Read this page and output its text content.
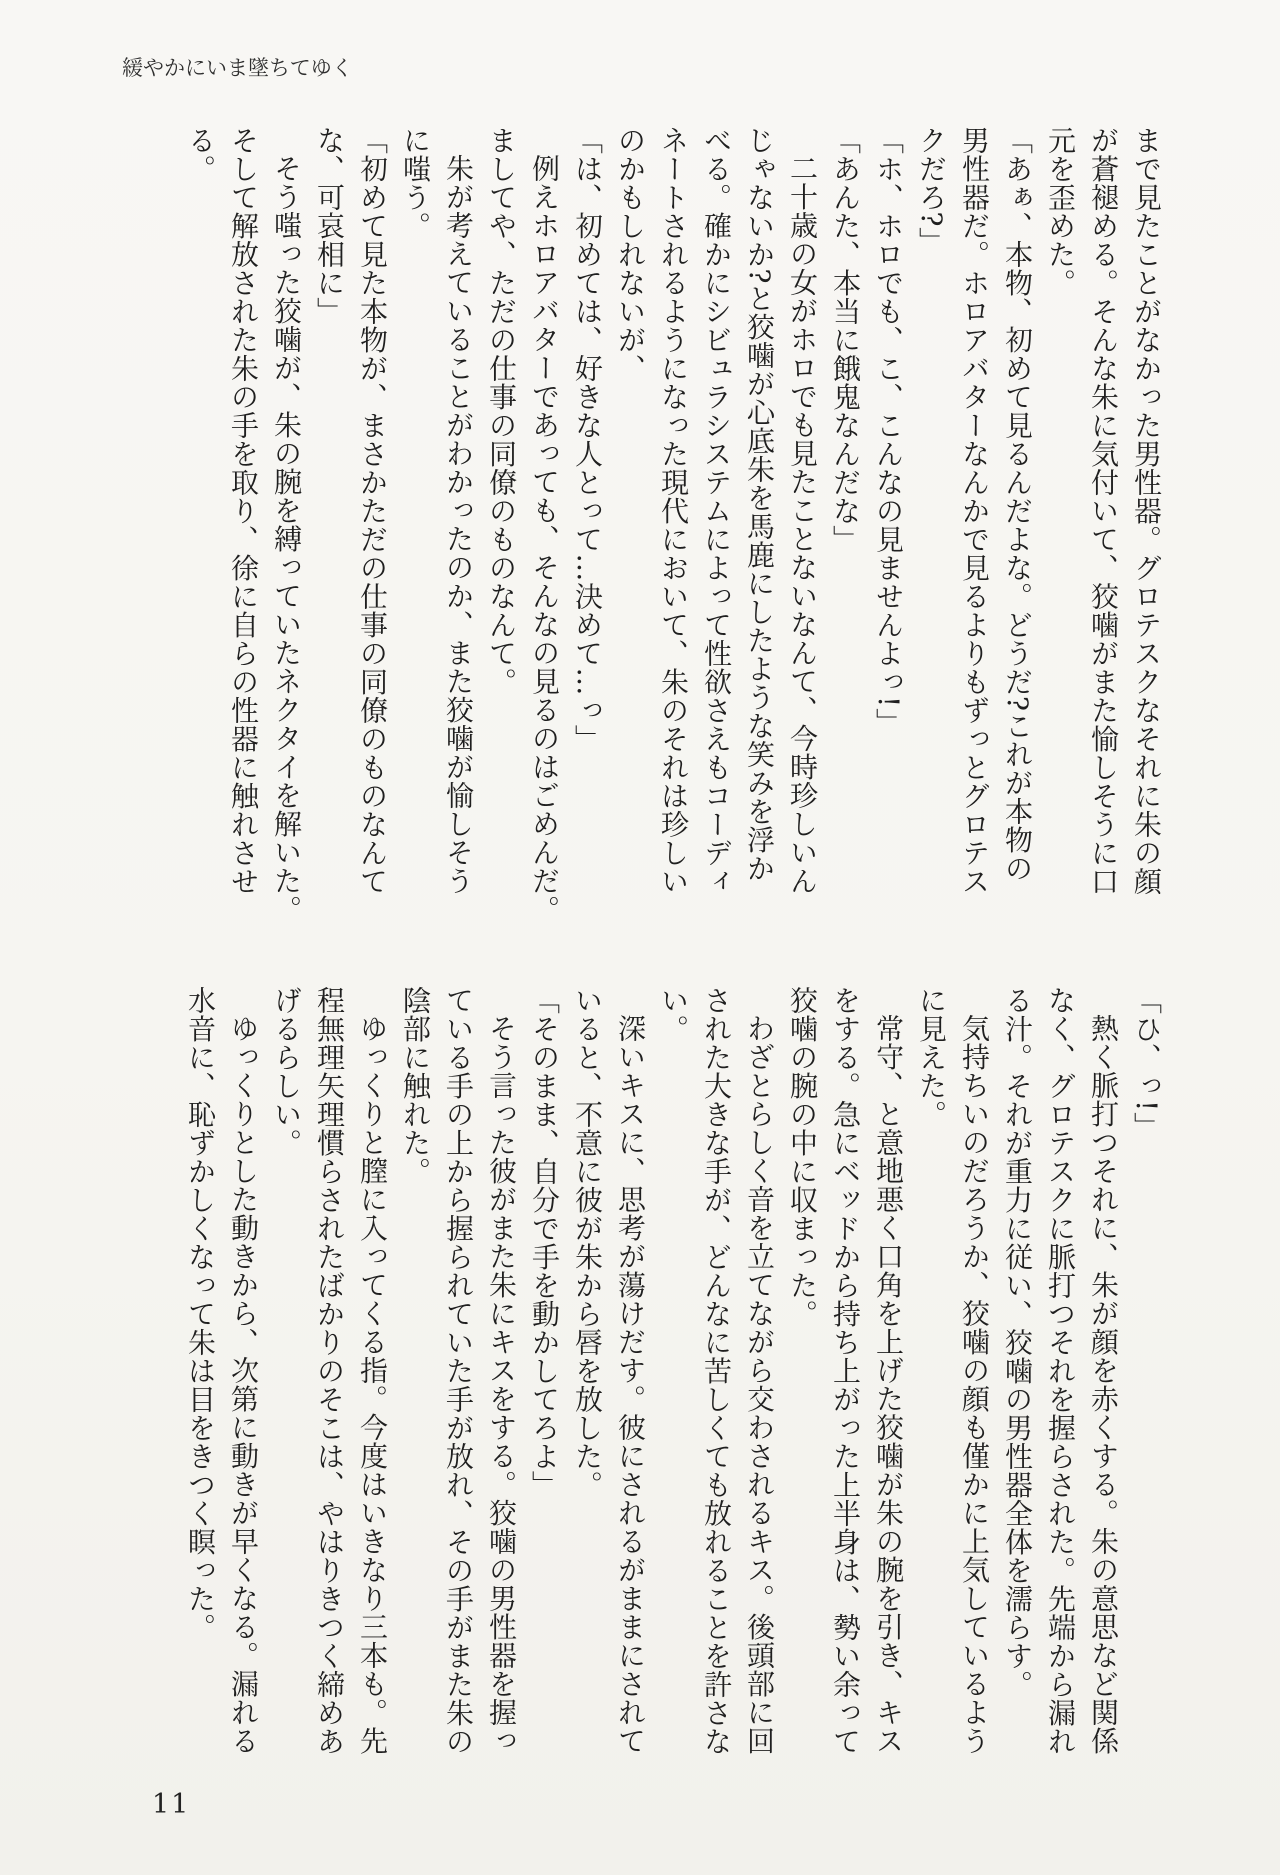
緩やかにいま墜ちてゆく

まで見たことがなかった男性器。グロテスクなそれに朱の顔

が蒼褪める。そんな朱に気付いて、狡噛がまた愉しそうに口

元を歪めた。

「あぁ、本物、初めて見るんだよな。どうだ?これが本物の

男性器だ。ホロアバターなんかで見るよりもずっとグロテス

クだろ?」

「ホ、ホロでも、こ、こんなの見ませんよっ!」

「あんた、本当に餓鬼なんだな」

二十歳の女がホロでも見たことないなんて、今時珍しいん

じゃないか?と狡噛が心底朱を馬鹿にしたような笑みを浮か

べる。確かにシビュラシステムによって性欲さえもコーディ

ネートされるようになった現代において、朱のそれは珍しい

のかもしれないが、

「は、初めては、好きな人とって…決めて…っ」

例えホロアバターであっても、そんなの見るのはごめんだ。

ましてや、ただの仕事の同僚のものなんて。

朱が考えていることがわかったのか、また狡噛が愉しそう

に嗤う。

「初めて見た本物が、まさかただの仕事の同僚のものなんて

な、可哀相に」

そう嗤った狡噛が、朱の腕を縛っていたネクタイを解いた。

そして解放された朱の手を取り、徐に自らの性器に触れさせ

る。

「ひ、っ!」

熱く脈打つそれに、朱が顔を赤くする。朱の意思など関係

なく、グロテスクに脈打つそれを握らされた。先端から漏れ

る汁。それが重力に従い、狡噛の男性器全体を濡らす。

気持ちいのだろうか、狡噛の顔も僅かに上気しているよう

に見えた。

常守、と意地悪く口角を上げた狡噛が朱の腕を引き、キス

をする。急にベッドから持ち上がった上半身は、勢い余って

狡噛の腕の中に収まった。

わざとらしく音を立てながら交わされるキス。後頭部に回

された大きな手が、どんなに苦しくても放れることを許さな

い。

深いキスに、思考が蕩けだす。彼にされるがままにされて

いると、不意に彼が朱から唇を放した。

「そのまま、自分で手を動かしてろよ」

そう言った彼がまた朱にキスをする。狡噛の男性器を握っ

ている手の上から握られていた手が放れ、その手がまた朱の

陰部に触れた。

ゆっくりと膣に入ってくる指。今度はいきなり三本も。先

程無理矢理慣らされたばかりのそこは、やはりきつく締めあ

げるらしい。

ゆっくりとした動きから、次第に動きが早くなる。漏れる

水音に、恥ずかしくなって朱は目をきつく瞑った。

11
